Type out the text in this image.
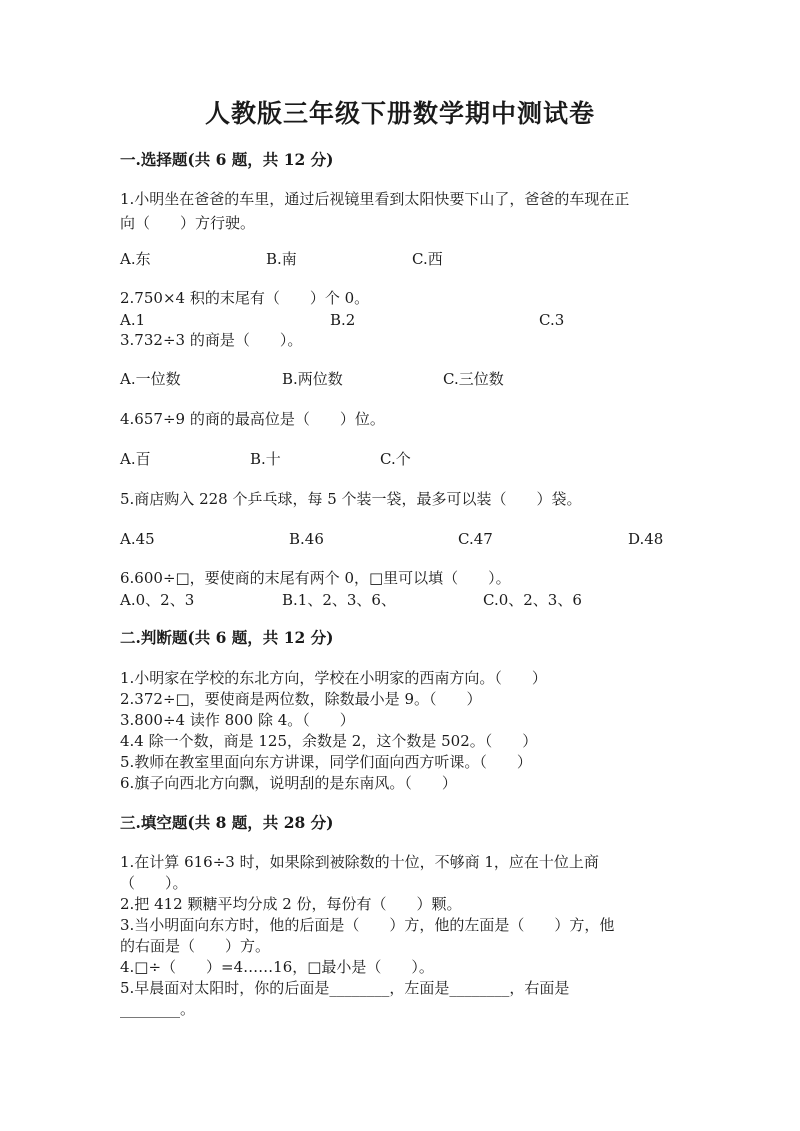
人教版三年级下册数学期中测试卷
一.选择题(共 6 题，共 12 分)
1.小明坐在爸爸的车里，通过后视镜里看到太阳快要下山了，爸爸的车现在正
向（　　）方行驶。
A.东	B.南	C.西
2.750×4 积的末尾有（　　）个 0。
A.1	B.2	C.3
3.732÷3 的商是（　　）。
A.一位数	B.两位数	C.三位数
4.657÷9 的商的最高位是（　　）位。
A.百	B.十	C.个
5.商店购入 228 个乒乓球，每 5 个装一袋，最多可以装（　　）袋。
A.45	B.46	C.47	D.48
6.600÷□，要使商的末尾有两个 0，□里可以填（　　）。
A.0、2、3	B.1、2、3、6、	C.0、2、3、6
二.判断题(共 6 题，共 12 分)
1.小明家在学校的东北方向，学校在小明家的西南方向。（　　）
2.372÷□，要使商是两位数，除数最小是 9。（　　）
3.800÷4 读作 800 除 4。（　　）
4.4 除一个数，商是 125，余数是 2，这个数是 502。（　　）
5.教师在教室里面向东方讲课，同学们面向西方听课。（　　）
6.旗子向西北方向飘，说明刮的是东南风。（　　）
三.填空题(共 8 题，共 28 分)
1.在计算 616÷3 时，如果除到被除数的十位，不够商 1，应在十位上商
（　　）。
2.把 412 颗糖平均分成 2 份，每份有（　　）颗。
3.当小明面向东方时，他的后面是（　　）方，他的左面是（　　）方，他
的右面是（　　）方。
4.□÷（　　）=4……16，□最小是（　　）。
5.早晨面对太阳时，你的后面是________，左面是________，右面是
________。
